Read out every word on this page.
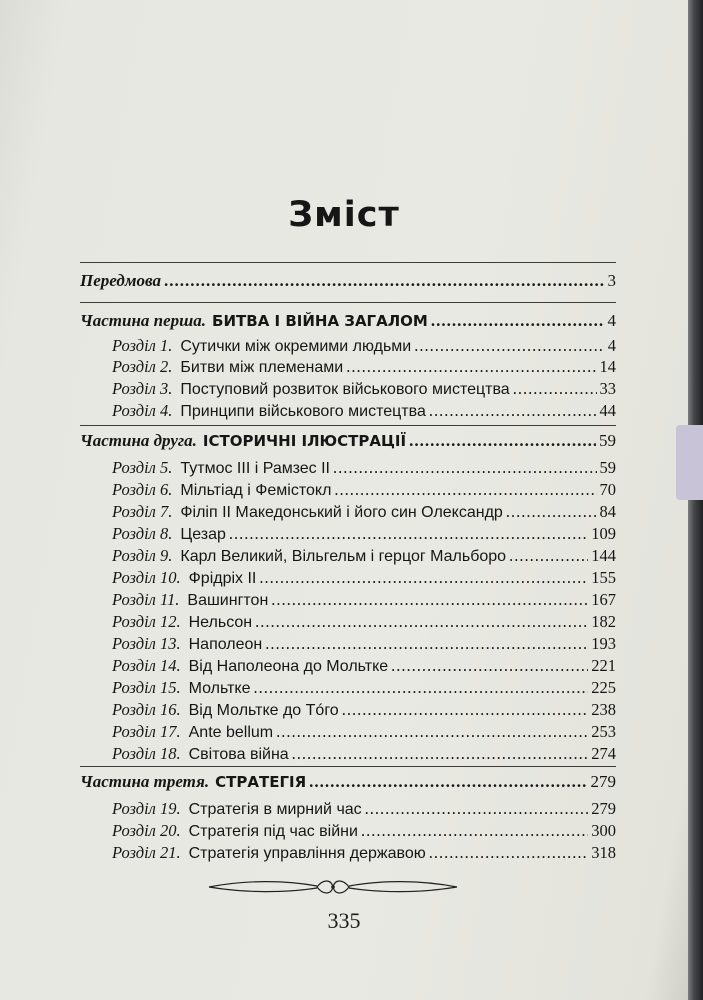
Зміст
Передмова .....	3
Частина перша. БИТВА І ВІЙНА ЗАГАЛОМ .....	4
Розділ 1. Сутички між окремими людьми .....	4
Розділ 2. Битви між племенами .....	14
Розділ 3. Поступовий розвиток військового мистецтва .....	33
Розділ 4. Принципи військового мистецтва .....	44
Частина друга. ІСТОРИЧНІ ІЛЮСТРАЦІЇ .....	59
Розділ 5. Тутмос III і Рамзес II .....	59
Розділ 6. Мільтіад і Феміcтокл .....	70
Розділ 7. Філіп II Македонський і його син Олександр .....	84
Розділ 8. Цезар .....	109
Розділ 9. Карл Великий, Вільгельм і герцог Мальборо .....	144
Розділ 10. Фрідріх II .....	155
Розділ 11. Вашингтон .....	167
Розділ 12. Нельсон .....	182
Розділ 13. Наполеон .....	193
Розділ 14. Від Наполеона до Мольтке .....	221
Розділ 15. Мольтке .....	225
Розділ 16. Від Мольтке до Тóго .....	238
Розділ 17. Ante bellum .....	253
Розділ 18. Світова війна .....	274
Частина третя. СТРАТЕГІЯ .....	279
Розділ 19. Стратегія в мирний час .....	279
Розділ 20. Стратегія під час війни .....	300
Розділ 21. Стратегія управління державою .....	318
335
